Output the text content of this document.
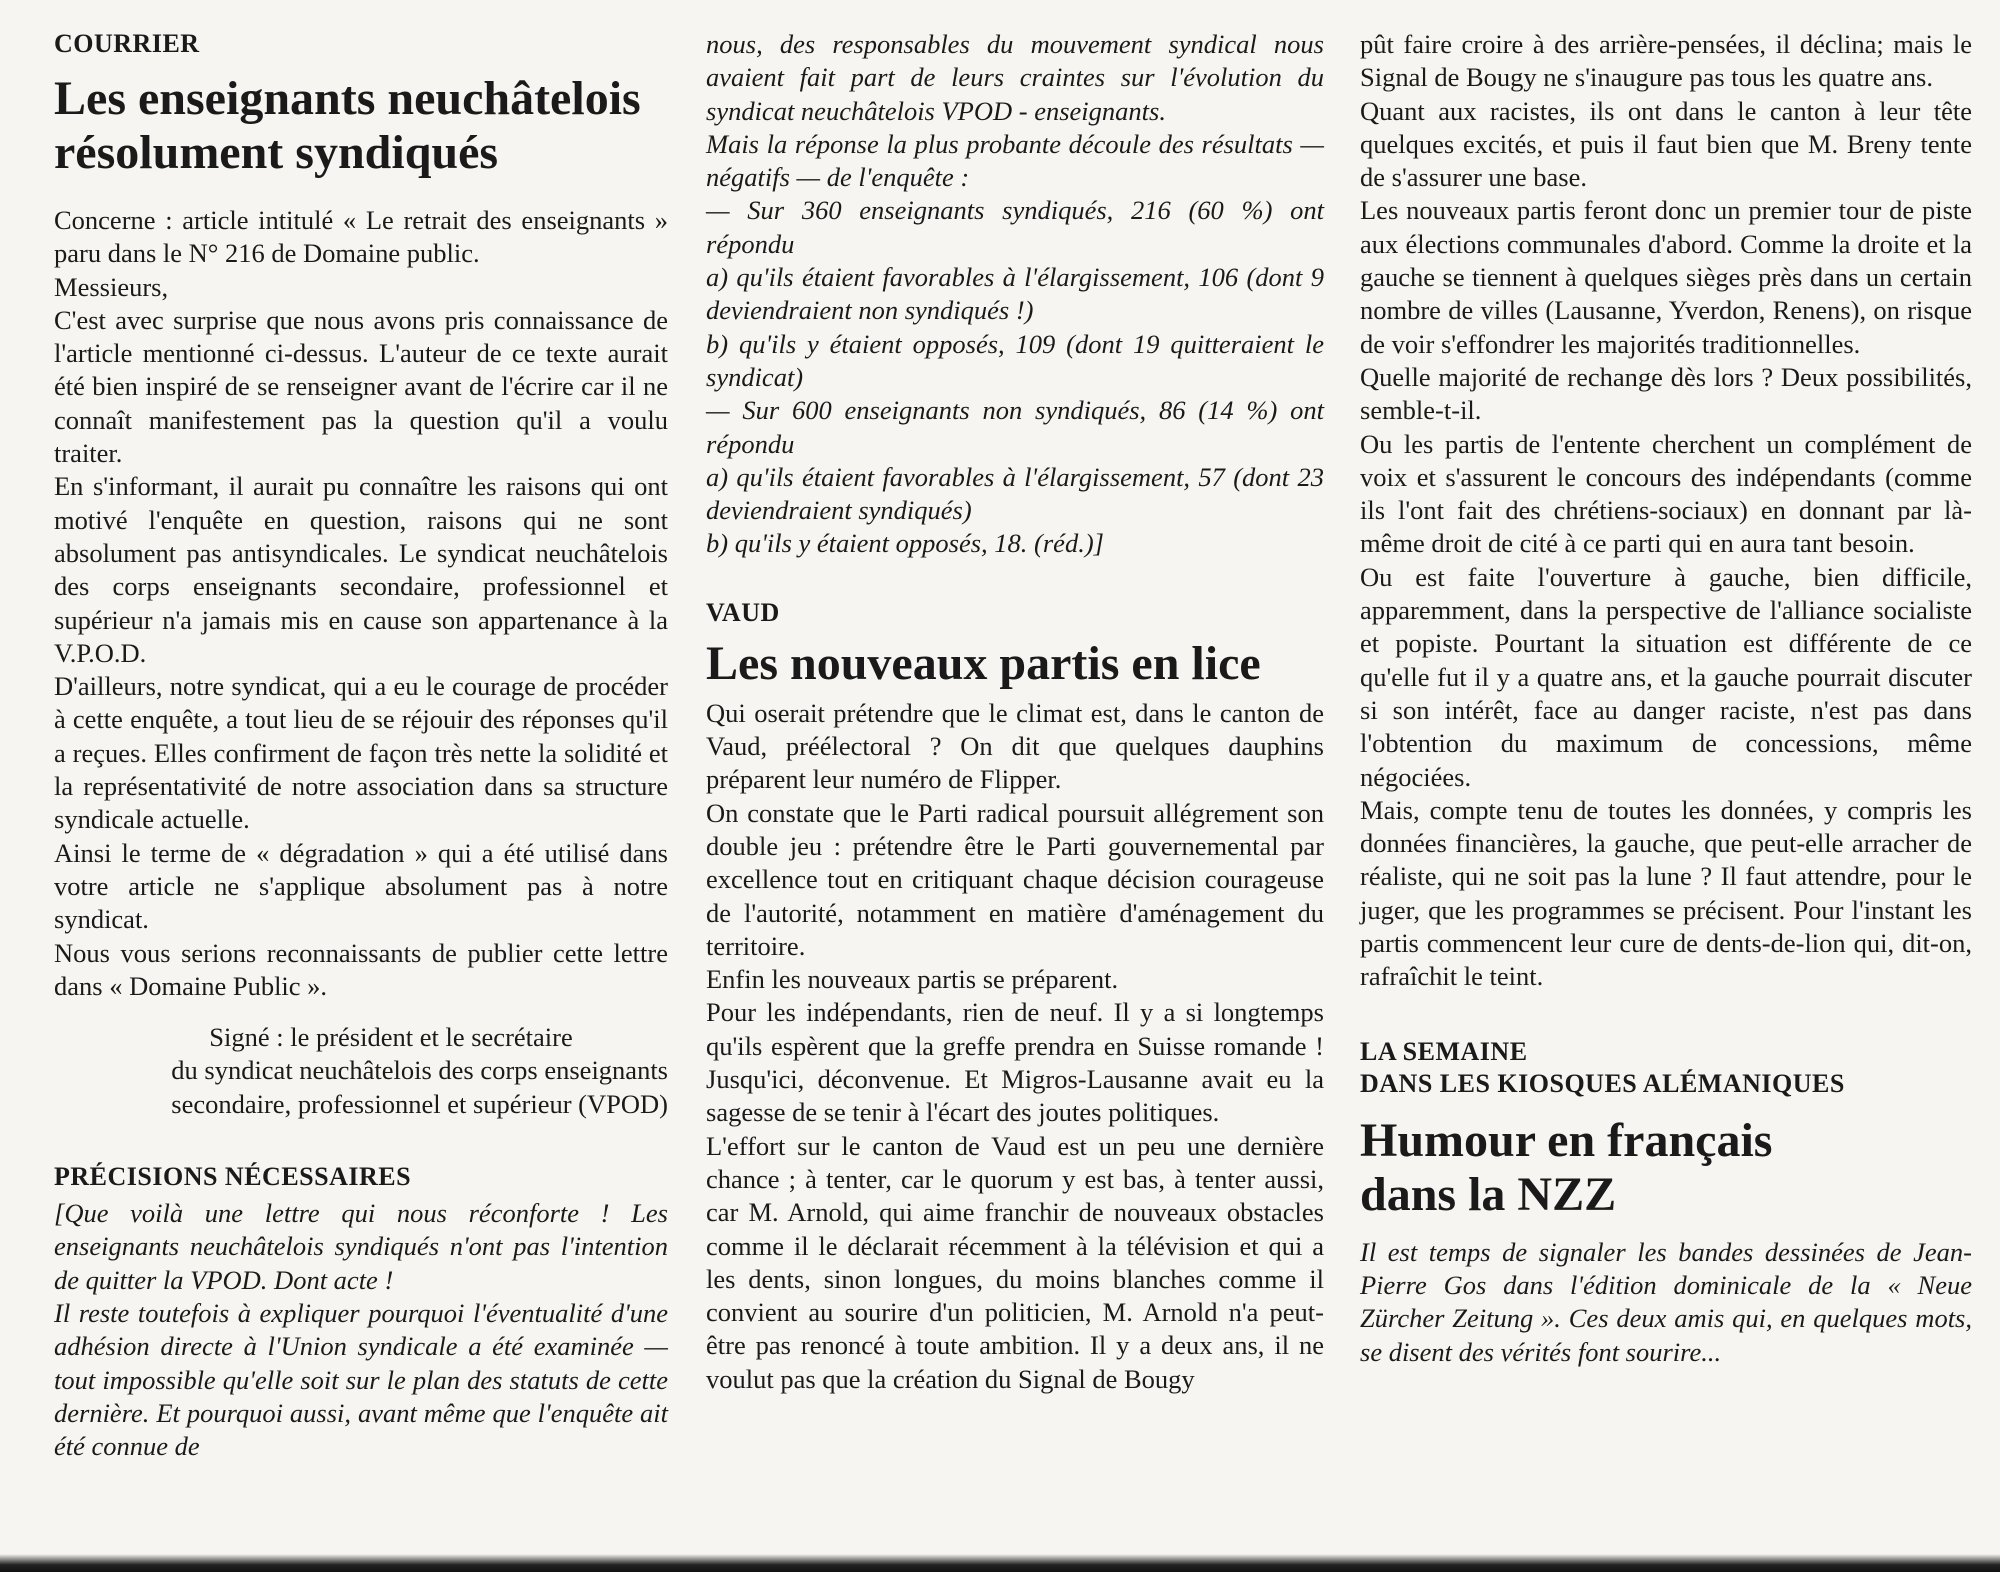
COURRIER
Les enseignants neuchâtelois
résolument syndiqués

Concerne : article intitulé « Le retrait des enseignants » paru dans le N° 216 de Domaine public.

Messieurs,

C'est avec surprise que nous avons pris connaissance de l'article mentionné ci-dessus. L'auteur de ce texte aurait été bien inspiré de se renseigner avant de l'écrire car il ne connaît manifestement pas la question qu'il a voulu traiter.

En s'informant, il aurait pu connaître les raisons qui ont motivé l'enquête en question, raisons qui ne sont absolument pas antisyndicales. Le syndicat neuchâtelois des corps enseignants secondaire, professionnel et supérieur n'a jamais mis en cause son appartenance à la V.P.O.D.

D'ailleurs, notre syndicat, qui a eu le courage de procéder à cette enquête, a tout lieu de se réjouir des réponses qu'il a reçues. Elles confirment de façon très nette la solidité et la représentativité de notre association dans sa structure syndicale actuelle.

Ainsi le terme de « dégradation » qui a été utilisé dans votre article ne s'applique absolument pas à notre syndicat.

Nous vous serions reconnaissants de publier cette lettre dans « Domaine Public ».

Signé : le président et le secrétaire
du syndicat neuchâtelois des corps enseignants
secondaire, professionnel et supérieur (VPOD)
PRÉCISIONS NÉCESSAIRES

[Que voilà une lettre qui nous réconforte ! Les enseignants neuchâtelois syndiqués n'ont pas l'intention de quitter la VPOD. Dont acte !

Il reste toutefois à expliquer pourquoi l'éventualité d'une adhésion directe à l'Union syndicale a été examinée — tout impossible qu'elle soit sur le plan des statuts de cette dernière. Et pourquoi aussi, avant même que l'enquête ait été connue de

nous, des responsables du mouvement syndical nous avaient fait part de leurs craintes sur l'évolution du syndicat neuchâtelois VPOD - enseignants.

Mais la réponse la plus probante découle des résultats — négatifs — de l'enquête :

— Sur 360 enseignants syndiqués, 216 (60 %) ont répondu

a) qu'ils étaient favorables à l'élargissement, 106 (dont 9 deviendraient non syndiqués !)

b) qu'ils y étaient opposés, 109 (dont 19 quitteraient le syndicat)

— Sur 600 enseignants non syndiqués, 86 (14 %) ont répondu

a) qu'ils étaient favorables à l'élargissement, 57 (dont 23 deviendraient syndiqués)

b) qu'ils y étaient opposés, 18. (réd.)]

VAUD
Les nouveaux partis en lice

Qui oserait prétendre que le climat est, dans le canton de Vaud, préélectoral ? On dit que quelques dauphins préparent leur numéro de Flipper.

On constate que le Parti radical poursuit allégrement son double jeu : prétendre être le Parti gouvernemental par excellence tout en critiquant chaque décision courageuse de l'autorité, notamment en matière d'aménagement du territoire.

Enfin les nouveaux partis se préparent.

Pour les indépendants, rien de neuf. Il y a si longtemps qu'ils espèrent que la greffe prendra en Suisse romande ! Jusqu'ici, déconvenue. Et Migros-Lausanne avait eu la sagesse de se tenir à l'écart des joutes politiques.

L'effort sur le canton de Vaud est un peu une dernière chance ; à tenter, car le quorum y est bas, à tenter aussi, car M. Arnold, qui aime franchir de nouveaux obstacles comme il le déclarait récemment à la télévision et qui a les dents, sinon longues, du moins blanches comme il convient au sourire d'un politicien, M. Arnold n'a peut-être pas renoncé à toute ambition. Il y a deux ans, il ne voulut pas que la création du Signal de Bougy

pût faire croire à des arrière-pensées, il déclina; mais le Signal de Bougy ne s'inaugure pas tous les quatre ans.

Quant aux racistes, ils ont dans le canton à leur tête quelques excités, et puis il faut bien que M. Breny tente de s'assurer une base.

Les nouveaux partis feront donc un premier tour de piste aux élections communales d'abord. Comme la droite et la gauche se tiennent à quelques sièges près dans un certain nombre de villes (Lausanne, Yverdon, Renens), on risque de voir s'effondrer les majorités traditionnelles.

Quelle majorité de rechange dès lors ? Deux possibilités, semble-t-il.

Ou les partis de l'entente cherchent un complément de voix et s'assurent le concours des indépendants (comme ils l'ont fait des chrétiens-sociaux) en donnant par là-même droit de cité à ce parti qui en aura tant besoin.

Ou est faite l'ouverture à gauche, bien difficile, apparemment, dans la perspective de l'alliance socialiste et popiste. Pourtant la situation est différente de ce qu'elle fut il y a quatre ans, et la gauche pourrait discuter si son intérêt, face au danger raciste, n'est pas dans l'obtention du maximum de concessions, même négociées.

Mais, compte tenu de toutes les données, y compris les données financières, la gauche, que peut-elle arracher de réaliste, qui ne soit pas la lune ? Il faut attendre, pour le juger, que les programmes se précisent. Pour l'instant les partis commencent leur cure de dents-de-lion qui, dit-on, rafraîchit le teint.

LA SEMAINE
DANS LES KIOSQUES ALÉMANIQUES
Humour en français
dans la NZZ

Il est temps de signaler les bandes dessinées de Jean-Pierre Gos dans l'édition dominicale de la « Neue Zürcher Zeitung ». Ces deux amis qui, en quelques mots, se disent des vérités font sourire...
